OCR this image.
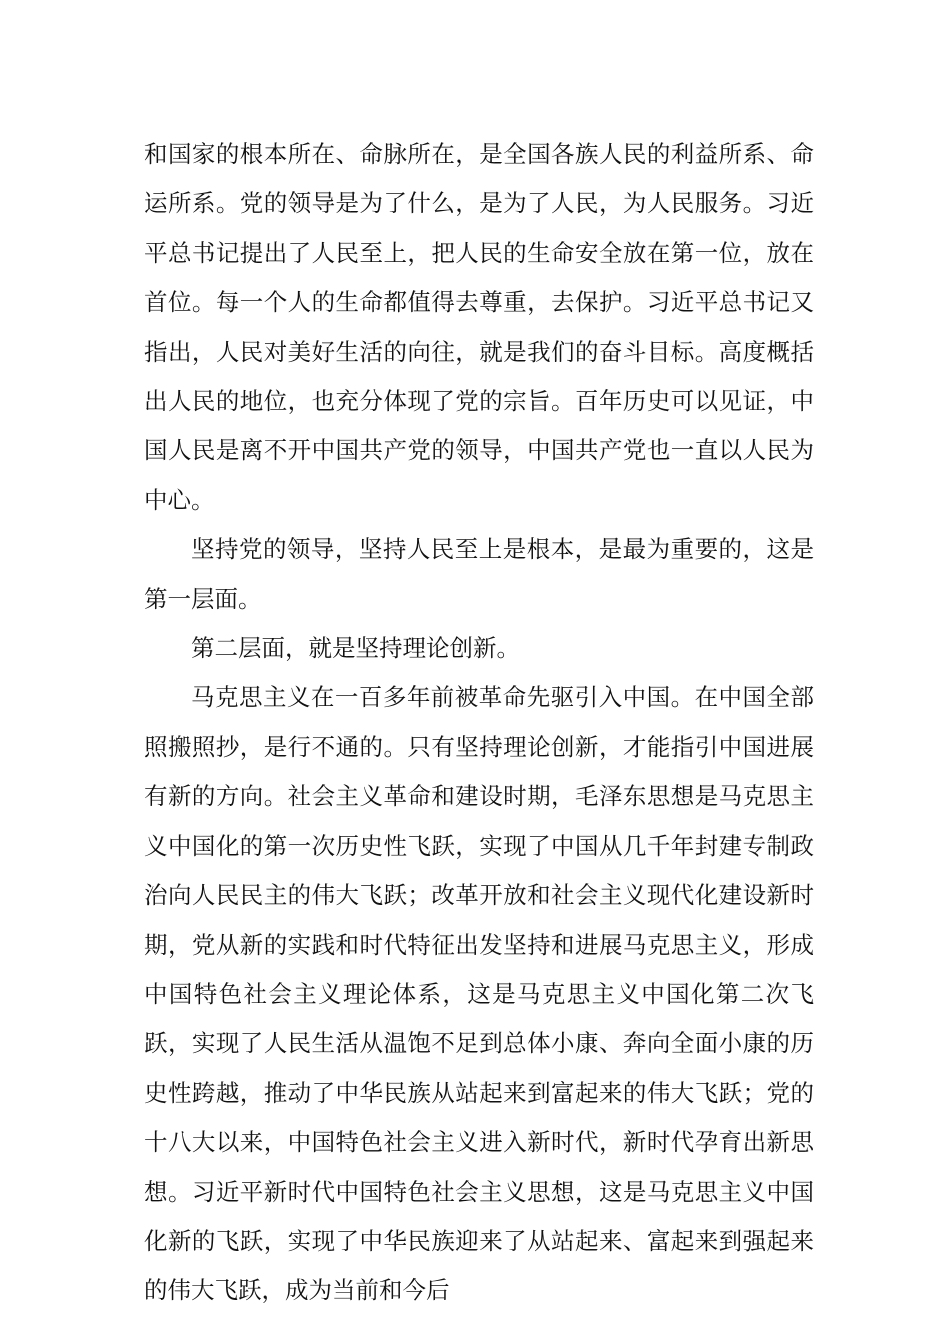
和国家的根本所在、命脉所在，是全国各族人民的利益所系、命运所系。党的领导是为了什么，是为了人民，为人民服务。习近平总书记提出了人民至上，把人民的生命安全放在第一位，放在首位。每一个人的生命都值得去尊重，去保护。习近平总书记又指出，人民对美好生活的向往，就是我们的奋斗目标。高度概括出人民的地位，也充分体现了党的宗旨。百年历史可以见证，中国人民是离不开中国共产党的领导，中国共产党也一直以人民为中心。

坚持党的领导，坚持人民至上是根本，是最为重要的，这是第一层面。

第二层面，就是坚持理论创新。

马克思主义在一百多年前被革命先驱引入中国。在中国全部照搬照抄，是行不通的。只有坚持理论创新，才能指引中国进展有新的方向。社会主义革命和建设时期，毛泽东思想是马克思主义中国化的第一次历史性飞跃，实现了中国从几千年封建专制政治向人民民主的伟大飞跃；改革开放和社会主义现代化建设新时期，党从新的实践和时代特征出发坚持和进展马克思主义，形成中国特色社会主义理论体系，这是马克思主义中国化第二次飞跃，实现了人民生活从温饱不足到总体小康、奔向全面小康的历史性跨越，推动了中华民族从站起来到富起来的伟大飞跃；党的十八大以来，中国特色社会主义进入新时代，新时代孕育出新思想。习近平新时代中国特色社会主义思想，这是马克思主义中国化新的飞跃，实现了中华民族迎来了从站起来、富起来到强起来的伟大飞跃，成为当前和今后
